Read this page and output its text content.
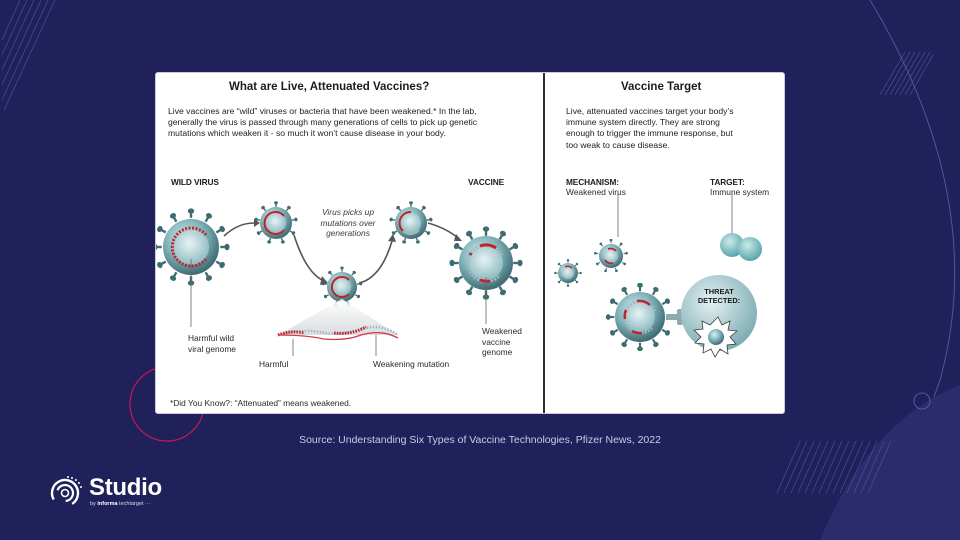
What are Live, Attenuated Vaccines?
Live vaccines are “wild” viruses or bacteria that have been weakened.* In the lab,
generally the virus is passed through many generations of cells to pick up genetic
mutations which weaken it - so much it won’t cause disease in your body.
WILD VIRUS	VACCINE
Virus picks up
mutations over
generations
Harmful wild
viral genome
Weakened
vaccine
genome
Harmful	Weakening mutation
*Did You Know?: “Attenuated” means weakened.
Vaccine Target
Live, attenuated vaccines target your body’s
immune system directly. They are strong
enough to trigger the immune response, but
too weak to cause disease.
MECHANISM:
Weakened virus
TARGET:
Immune system
THREAT
DETECTED:
Source: Understanding Six Types of Vaccine Technologies, Pfizer News, 2022
Studio
by informa techtarget ···
